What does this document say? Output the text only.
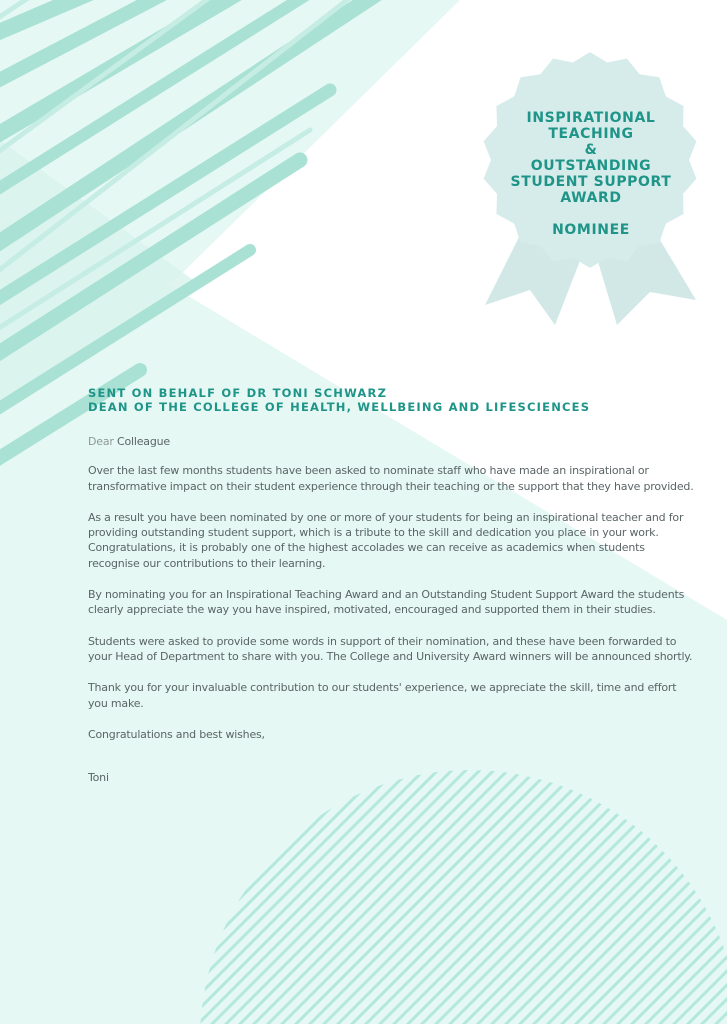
INSPIRATIONAL
TEACHING
&
OUTSTANDING
STUDENT SUPPORT
AWARD
NOMINEE
SENT ON BEHALF OF DR TONI SCHWARZ
DEAN OF THE COLLEGE OF HEALTH, WELLBEING AND LIFESCIENCES

Dear Colleague

Over the last few months students have been asked to nominate staff who have made an inspirational or transformative impact on their student experience through their teaching or the support that they have provided.

As a result you have been nominated by one or more of your students for being an inspirational teacher and for providing outstanding student support, which is a tribute to the skill and dedication you place in your work. Congratulations, it is probably one of the highest accolades we can receive as academics when students recognise our contributions to their learning.

By nominating you for an Inspirational Teaching Award and an Outstanding Student Support Award the students clearly appreciate the way you have inspired, motivated, encouraged and supported them in their studies.

Students were asked to provide some words in support of their nomination, and these have been forwarded to your Head of Department to share with you. The College and University Award winners will be announced shortly.

Thank you for your invaluable contribution to our students' experience, we appreciate the skill, time and effort you make.

Congratulations and best wishes,

Toni
